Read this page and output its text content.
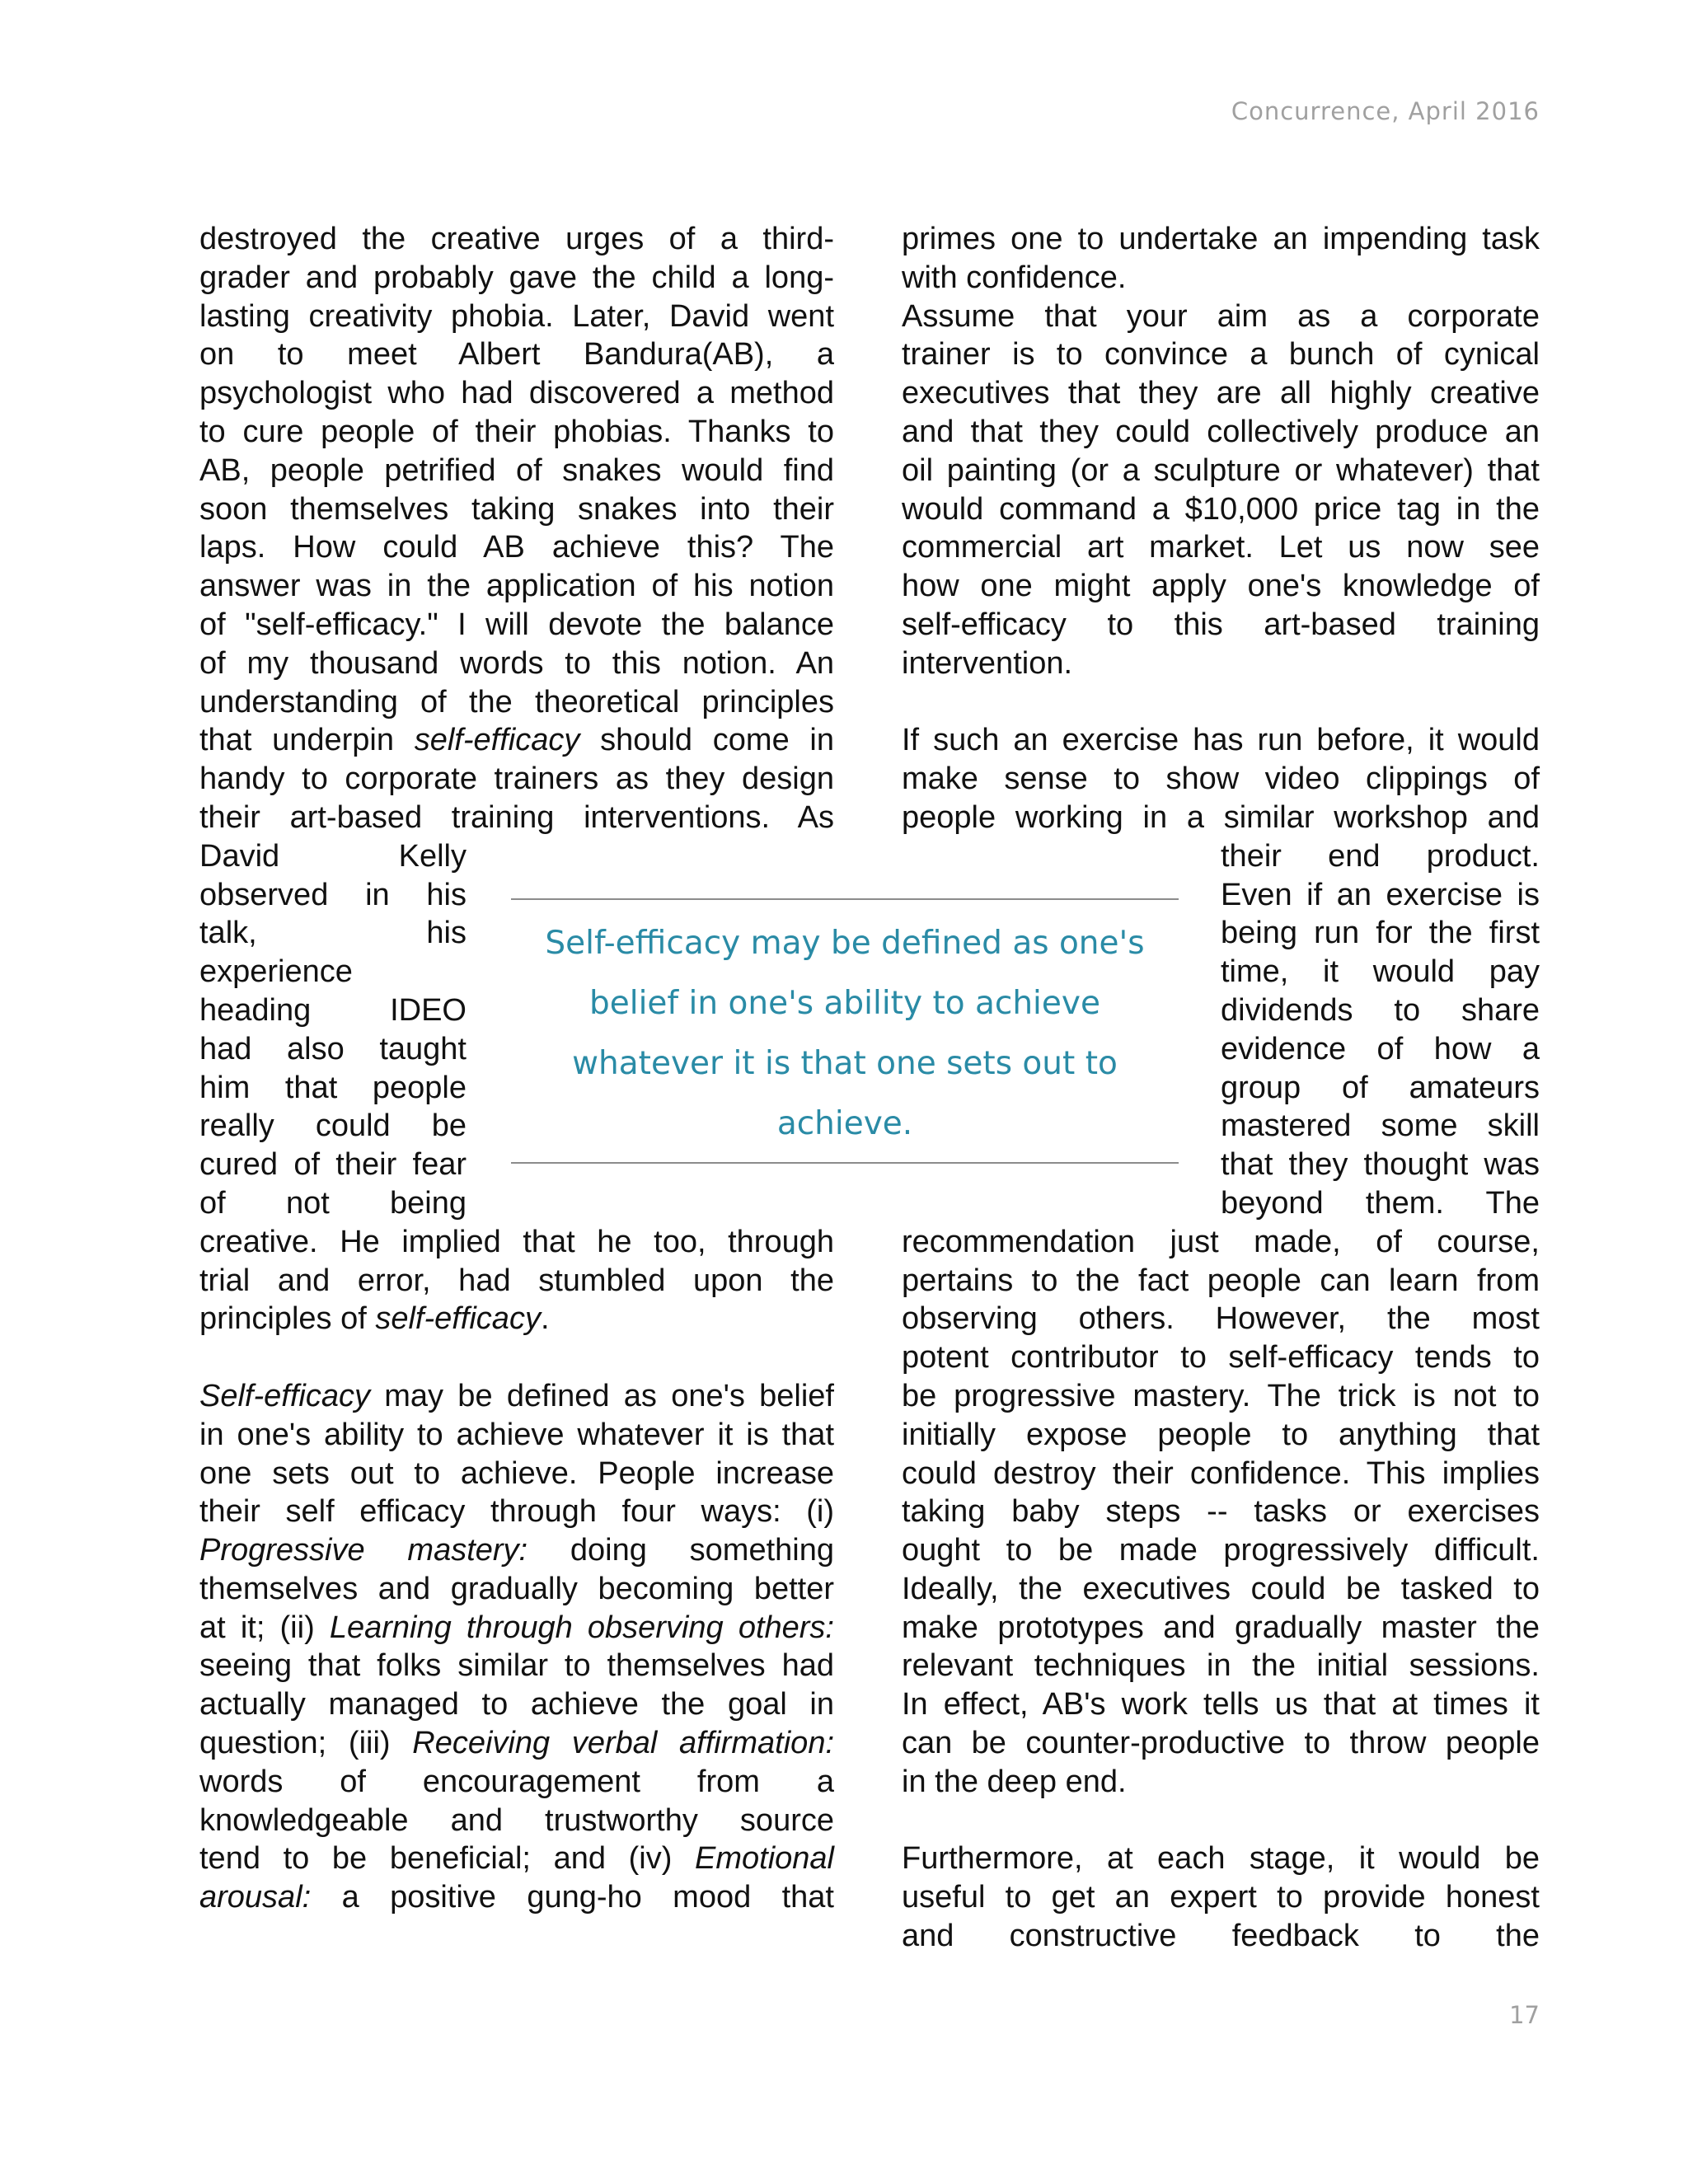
Concurrence, April 2016

destroyed the creative urges of a third-

grader and probably gave the child a long-

lasting creativity phobia. Later, David went

on to meet Albert Bandura(AB), a

psychologist who had discovered a method

to cure people of their phobias. Thanks to

AB, people petrified of snakes would find

soon themselves taking snakes into their

laps. How could AB achieve this? The

answer was in the application of his notion

of "self-efficacy." I will devote the balance

of my thousand words to this notion. An

understanding of the theoretical principles

that underpin self-efficacy should come in

handy to corporate trainers as they design

their art-based training interventions. As

David Kelly

observed in his

talk, his

experience

heading IDEO

had also taught

him that people

really could be

cured of their fear

of not being

creative. He implied that he too, through

trial and error, had stumbled upon the

principles of self-efficacy.

Self-efficacy may be defined as one's belief

in one's ability to achieve whatever it is that

one sets out to achieve. People increase

their self efficacy through four ways: (i)

Progressive mastery: doing something

themselves and gradually becoming better

at it; (ii) Learning through observing others:

seeing that folks similar to themselves had

actually managed to achieve the goal in

question; (iii) Receiving verbal affirmation:

words of encouragement from a

knowledgeable and trustworthy source

tend to be beneficial; and (iv) Emotional

arousal: a positive gung-ho mood that

primes one to undertake an impending task

with confidence.

Assume that your aim as a corporate

trainer is to convince a bunch of cynical

executives that they are all highly creative

and that they could collectively produce an

oil painting (or a sculpture or whatever) that

would command a $10,000 price tag in the

commercial art market. Let us now see

how one might apply one's knowledge of

self-efficacy to this art-based training

intervention.

If such an exercise has run before, it would

make sense to show video clippings of

people working in a similar workshop and

their end product.

Even if an exercise is

being run for the first

time, it would pay

dividends to share

evidence of how a

group of amateurs

mastered some skill

that they thought was

beyond them. The

recommendation just made, of course,

pertains to the fact people can learn from

observing others. However, the most

potent contributor to self-efficacy tends to

be progressive mastery. The trick is not to

initially expose people to anything that

could destroy their confidence. This implies

taking baby steps -- tasks or exercises

ought to be made progressively difficult.

Ideally, the executives could be tasked to

make prototypes and gradually master the

relevant techniques in the initial sessions.

In effect, AB's work tells us that at times it

can be counter-productive to throw people

in the deep end.

Furthermore, at each stage, it would be

useful to get an expert to provide honest

and constructive feedback to the

Self-efficacy may be defined as one's belief in one's ability to achieve whatever it is that one sets out to achieve.

17
